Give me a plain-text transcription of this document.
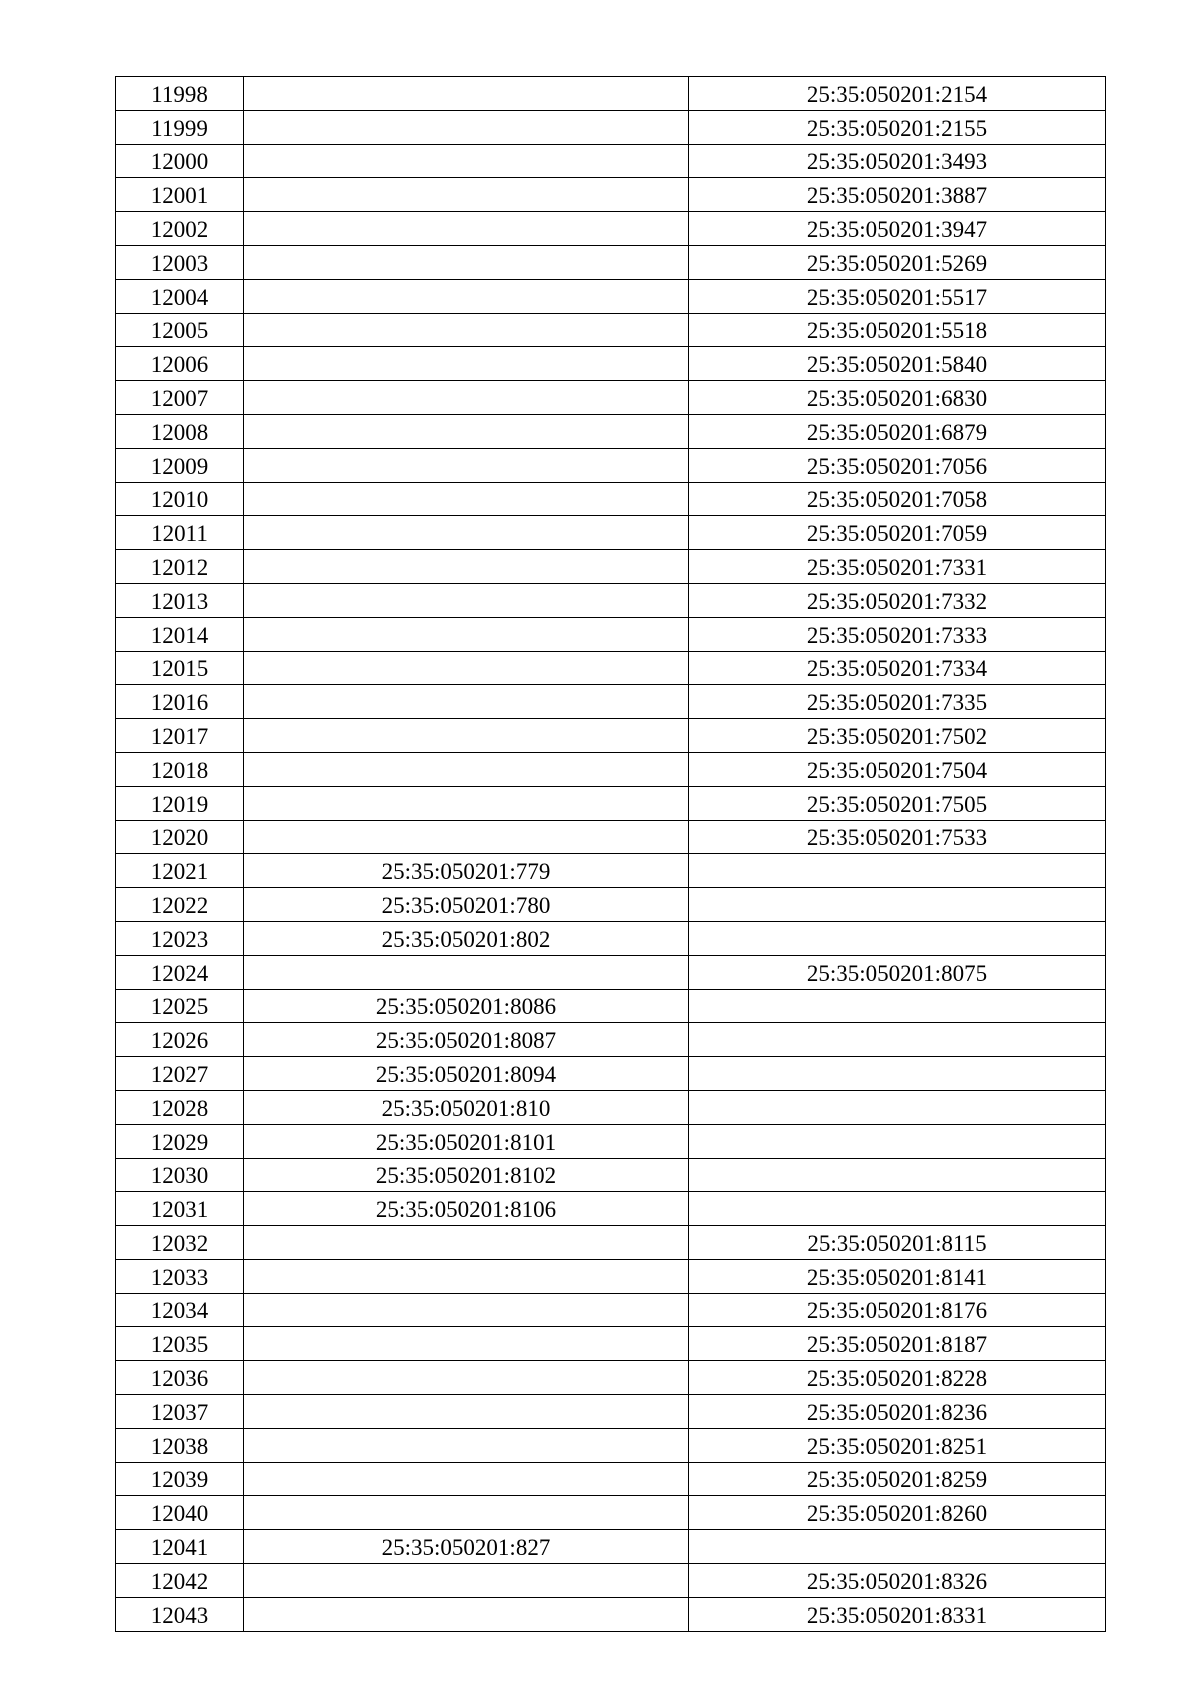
11998		25:35:050201:2154
11999		25:35:050201:2155
12000		25:35:050201:3493
12001		25:35:050201:3887
12002		25:35:050201:3947
12003		25:35:050201:5269
12004		25:35:050201:5517
12005		25:35:050201:5518
12006		25:35:050201:5840
12007		25:35:050201:6830
12008		25:35:050201:6879
12009		25:35:050201:7056
12010		25:35:050201:7058
12011		25:35:050201:7059
12012		25:35:050201:7331
12013		25:35:050201:7332
12014		25:35:050201:7333
12015		25:35:050201:7334
12016		25:35:050201:7335
12017		25:35:050201:7502
12018		25:35:050201:7504
12019		25:35:050201:7505
12020		25:35:050201:7533
12021	25:35:050201:779	
12022	25:35:050201:780	
12023	25:35:050201:802	
12024		25:35:050201:8075
12025	25:35:050201:8086	
12026	25:35:050201:8087	
12027	25:35:050201:8094	
12028	25:35:050201:810	
12029	25:35:050201:8101	
12030	25:35:050201:8102	
12031	25:35:050201:8106	
12032		25:35:050201:8115
12033		25:35:050201:8141
12034		25:35:050201:8176
12035		25:35:050201:8187
12036		25:35:050201:8228
12037		25:35:050201:8236
12038		25:35:050201:8251
12039		25:35:050201:8259
12040		25:35:050201:8260
12041	25:35:050201:827	
12042		25:35:050201:8326
12043		25:35:050201:8331
